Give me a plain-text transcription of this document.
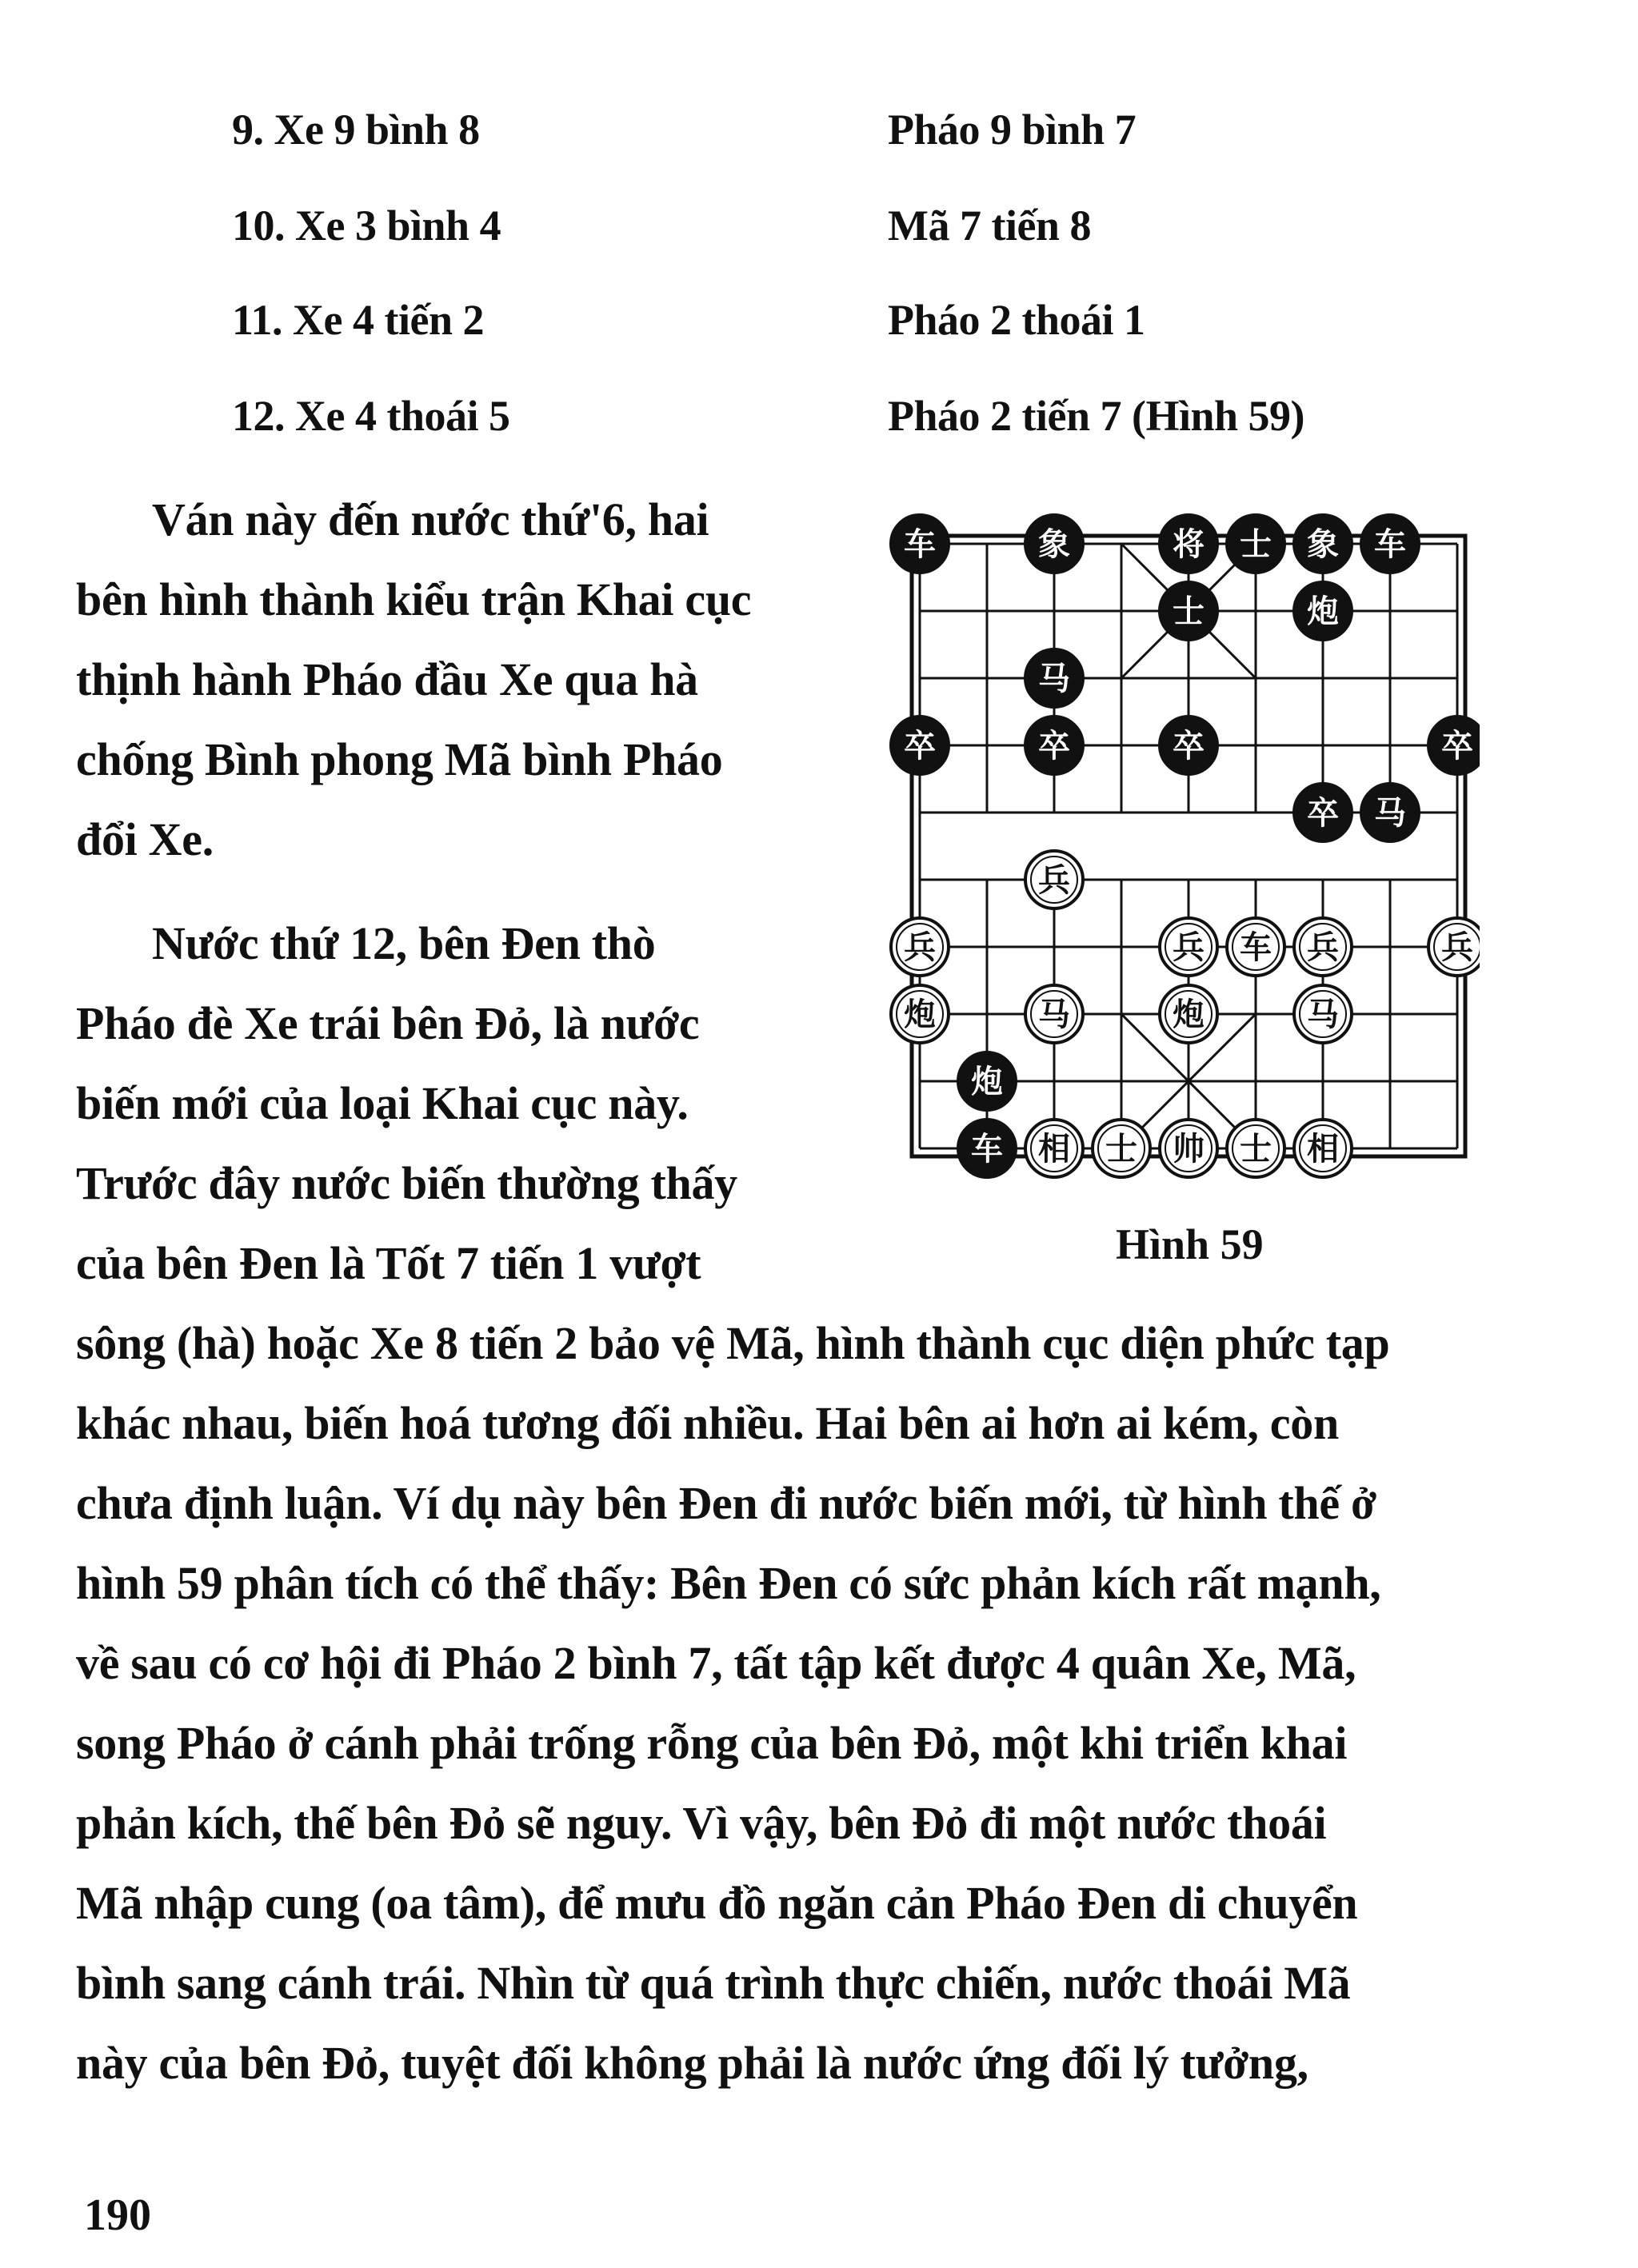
9. Xe 9 bình 8	Pháo 9 bình 7
10. Xe 3 bình 4	Mã 7 tiến 8
11. Xe 4 tiến 2	Pháo 2 thoái 1
12. Xe 4 thoái 5	Pháo 2 tiến 7 (Hình 59)
Ván này đến nước thứ'6, hai
bên hình thành kiểu trận Khai cục
thịnh hành Pháo đầu Xe qua hà
chống Bình phong Mã bình Pháo
đổi Xe.
Nước thứ 12, bên Đen thò
Pháo đè Xe trái bên Đỏ, là nước
biến mới của loại Khai cục này.
Trước đây nước biến thường thấy
của bên Đen là Tốt 7 tiến 1 vượt
车	象	将 士 象 车
士	炮
马
卒	卒	卒	卒
卒 马
兵
兵	兵 车 兵	兵
炮	马	炮	马
炮
车 相 士 帅 士 相
Hình 59
sông (hà) hoặc Xe 8 tiến 2 bảo vệ Mã, hình thành cục diện phức tạp
khác nhau, biến hoá tương đối nhiều. Hai bên ai hơn ai kém, còn
chưa định luận. Ví dụ này bên Đen đi nước biến mới, từ hình thế ở
hình 59 phân tích có thể thấy: Bên Đen có sức phản kích rất mạnh,
về sau có cơ hội đi Pháo 2 bình 7, tất tập kết được 4 quân Xe, Mã,
song Pháo ở cánh phải trống rỗng của bên Đỏ, một khi triển khai
phản kích, thế bên Đỏ sẽ nguy. Vì vậy, bên Đỏ đi một nước thoái
Mã nhập cung (oa tâm), để mưu đồ ngăn cản Pháo Đen di chuyển
bình sang cánh trái. Nhìn từ quá trình thực chiến, nước thoái Mã
này của bên Đỏ, tuyệt đối không phải là nước ứng đối lý tưởng,
190
